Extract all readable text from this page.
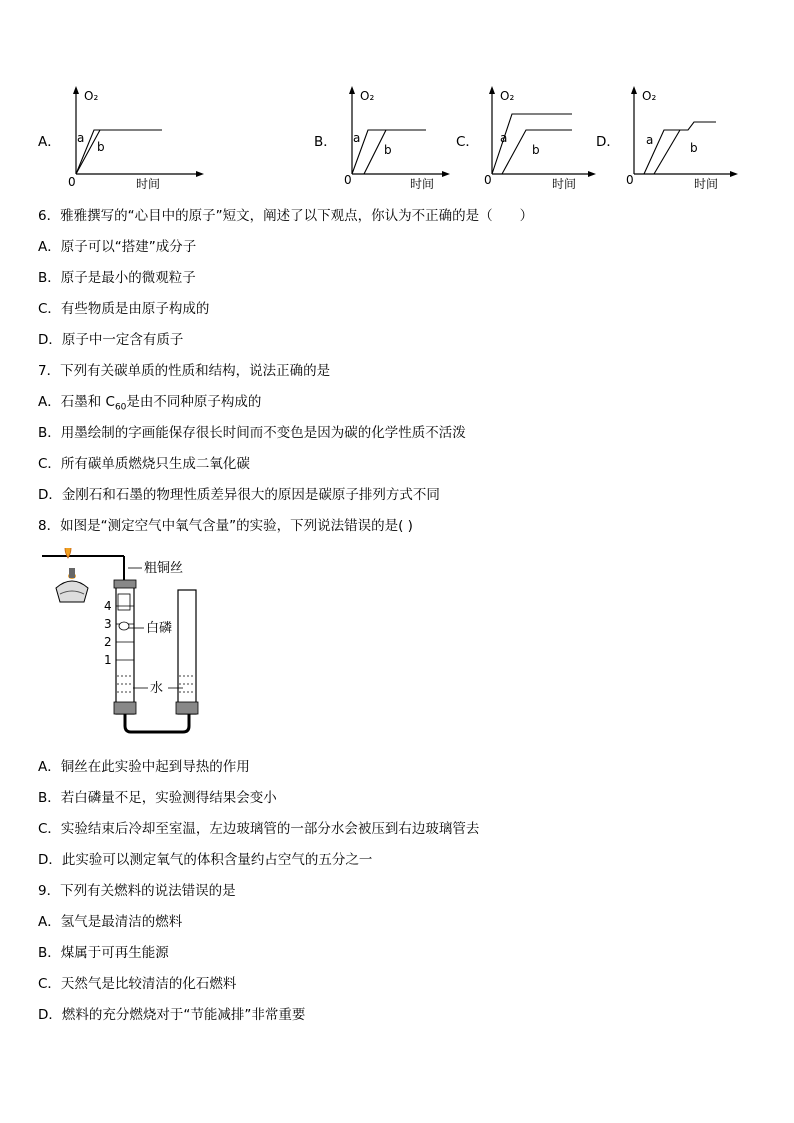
A．
O₂
a
b
0	时间
B．
O₂
a
b
0	时间
C．
O₂
a
b
0	时间
D．
O₂
a
b
0	时间
6．雅雅撰写的“心目中的原子”短文，阐述了以下观点，你认为不正确的是（　　）
A．原子可以“搭建”成分子
B．原子是最小的微观粒子
C．有些物质是由原子构成的
D．原子中一定含有质子
7．下列有关碳单质的性质和结构，说法正确的是
A．石墨和 $C_{60}$是由不同种原子构成的
B．用墨绘制的字画能保存很长时间而不变色是因为碳的化学性质不活泼
C．所有碳单质燃烧只生成二氧化碳
D．金刚石和石墨的物理性质差异很大的原因是碳原子排列方式不同
8．如图是“测定空气中氧气含量”的实验，下列说法错误的是( )
粗铜丝
白磷
水
4
3
2
1
A．铜丝在此实验中起到导热的作用
B．若白磷量不足，实验测得结果会变小
C．实验结束后冷却至室温，左边玻璃管的一部分水会被压到右边玻璃管去
D．此实验可以测定氧气的体积含量约占空气的五分之一
9．下列有关燃料的说法错误的是
A．氢气是最清洁的燃料
B．煤属于可再生能源
C．天然气是比较清洁的化石燃料
D．燃料的充分燃烧对于“节能减排”非常重要
